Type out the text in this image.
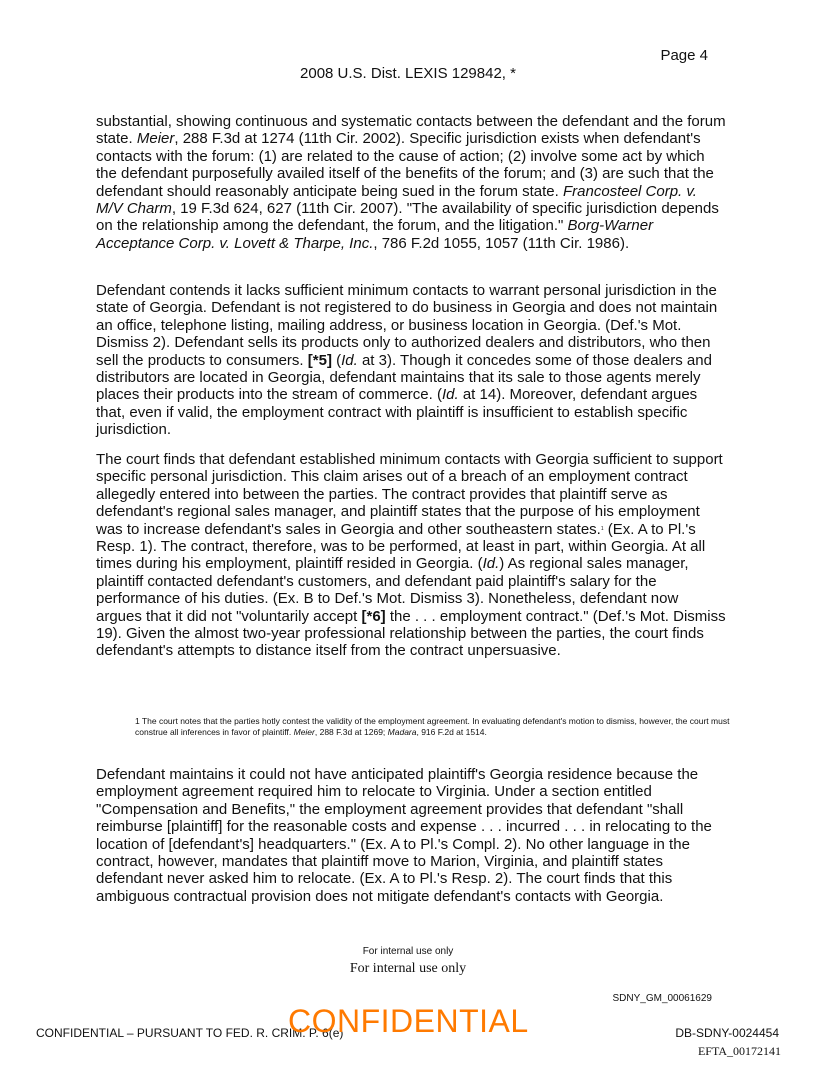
Page 4
2008 U.S. Dist. LEXIS 129842, *

substantial, showing continuous and systematic contacts between the defendant and the forum state. Meier, 288 F.3d at 1274 (11th Cir. 2002). Specific jurisdiction exists when defendant's contacts with the forum: (1) are related to the cause of action; (2) involve some act by which the defendant purposefully availed itself of the benefits of the forum; and (3) are such that the defendant should reasonably anticipate being sued in the forum state. Francosteel Corp. v. M/V Charm, 19 F.3d 624, 627 (11th Cir. 2007). "The availability of specific jurisdiction depends on the relationship among the defendant, the forum, and the litigation." Borg-Warner Acceptance Corp. v. Lovett & Tharpe, Inc., 786 F.2d 1055, 1057 (11th Cir. 1986).

Defendant contends it lacks sufficient minimum contacts to warrant personal jurisdiction in the state of Georgia. Defendant is not registered to do business in Georgia and does not maintain an office, telephone listing, mailing address, or business location in Georgia. (Def.'s Mot. Dismiss 2). Defendant sells its products only to authorized dealers and distributors, who then sell the products to consumers. [*5] (Id. at 3). Though it concedes some of those dealers and distributors are located in Georgia, defendant maintains that its sale to those agents merely places their products into the stream of commerce. (Id. at 14). Moreover, defendant argues that, even if valid, the employment contract with plaintiff is insufficient to establish specific jurisdiction.

The court finds that defendant established minimum contacts with Georgia sufficient to support specific personal jurisdiction. This claim arises out of a breach of an employment contract allegedly entered into between the parties. The contract provides that plaintiff serve as defendant's regional sales manager, and plaintiff states that the purpose of his employment was to increase defendant's sales in Georgia and other southeastern states.$^1$ (Ex. A to Pl.'s Resp. 1). The contract, therefore, was to be performed, at least in part, within Georgia. At all times during his employment, plaintiff resided in Georgia. (Id.) As regional sales manager, plaintiff contacted defendant's customers, and defendant paid plaintiff's salary for the performance of his duties. (Ex. B to Def.'s Mot. Dismiss 3). Nonetheless, defendant now argues that it did not "voluntarily accept [*6] the . . . employment contract." (Def.'s Mot. Dismiss 19). Given the almost two-year professional relationship between the parties, the court finds defendant's attempts to distance itself from the contract unpersuasive.

1 The court notes that the parties hotly contest the validity of the employment agreement. In evaluating defendant's motion to dismiss, however, the court must construe all inferences in favor of plaintiff. Meier, 288 F.3d at 1269; Madara, 916 F.2d at 1514.

Defendant maintains it could not have anticipated plaintiff's Georgia residence because the employment agreement required him to relocate to Virginia. Under a section entitled "Compensation and Benefits," the employment agreement provides that defendant "shall reimburse [plaintiff] for the reasonable costs and expense . . . incurred . . . in relocating to the location of [defendant's] headquarters." (Ex. A to Pl.'s Compl. 2). No other language in the contract, however, mandates that plaintiff move to Marion, Virginia, and plaintiff states defendant never asked him to relocate. (Ex. A to Pl.'s Resp. 2). The court finds that this ambiguous contractual provision does not mitigate defendant's contacts with Georgia.

For internal use only
For internal use only
SDNY_GM_00061629
CONFIDENTIAL – PURSUANT TO FED. R. CRIM. P. 6(e)
CONFIDENTIAL	DB-SDNY-0024454
EFTA_00172141
